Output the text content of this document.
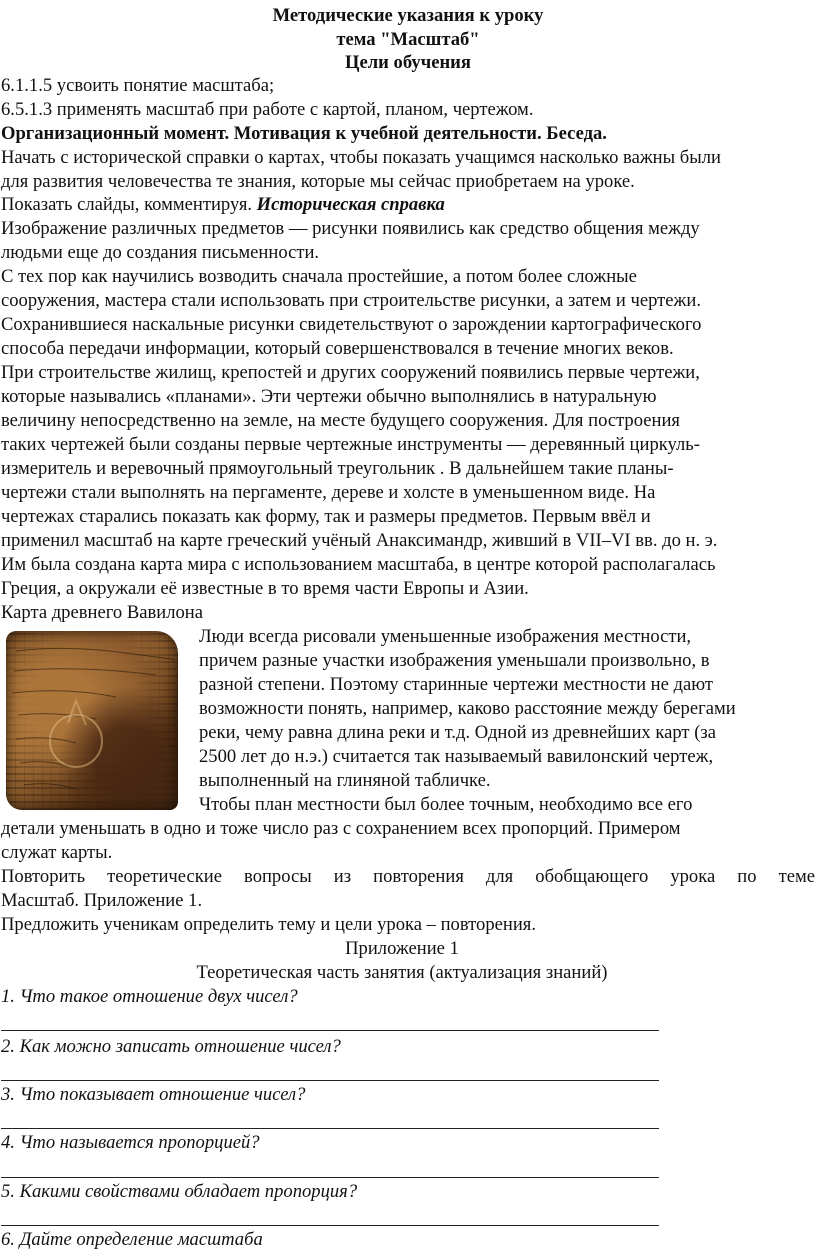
Методические указания к уроку
тема "Масштаб"
Цели обучения
6.1.1.5 усвоить понятие масштаба;
6.5.1.3 применять масштаб при работе с картой, планом, чертежом.
Организационный момент. Мотивация к учебной деятельности. Беседа.
Начать с исторической справки о картах, чтобы показать учащимся насколько важны были
для развития человечества те знания, которые мы сейчас приобретаем на уроке.
Показать слайды, комментируя. Историческая справка
Изображение различных предметов — рисунки появились как средство общения между
людьми еще до создания письменности.
С тех пор как научились возводить сначала простейшие, а потом более сложные
сооружения, мастера стали использовать при строительстве рисунки, а затем и чертежи.
Сохранившиеся наскальные рисунки свидетельствуют о зарождении картографического
способа передачи информации, который совершенствовался в течение многих веков.
При строительстве жилищ, крепостей и других сооружений появились первые чертежи,
которые назывались «планами». Эти чертежи обычно выполнялись в натуральную
величину непосредственно на земле, на месте будущего сооружения. Для построения
таких чертежей были созданы первые чертежные инструменты — деревянный циркуль-
измеритель и веревочный прямоугольный треугольник . В дальнейшем такие планы-
чертежи стали выполнять на пергаменте, дереве и холсте в уменьшенном виде. На
чертежах старались показать как форму, так и размеры предметов. Первым ввёл и
применил масштаб на карте греческий учёный Анаксимандр, живший в VII–VI вв. до н. э.
Им была создана карта мира с использованием масштаба, в центре которой располагалась
Греция, а окружали её известные в то время части Европы и Азии.
Карта древнего Вавилона
Люди всегда рисовали уменьшенные изображения местности,
причем разные участки изображения уменьшали произвольно, в
разной степени. Поэтому старинные чертежи местности не дают
возможности понять, например, каково расстояние между берегами
реки, чему равна длина реки и т.д. Одной из древнейших карт (за
2500 лет до н.э.) считается так называемый вавилонский чертеж,
выполненный на глиняной табличке.
Чтобы план местности был более точным, необходимо все его
детали уменьшать в одно и тоже число раз с сохранением всех пропорций. Примером
служат карты.
Повторить теоретические вопросы из повторения для обобщающего урока по теме
Масштаб. Приложение 1.
Предложить ученикам определить тему и цели урока – повторения.
Приложение 1
Теоретическая часть занятия (актуализация знаний)
1. Что такое отношение двух чисел?
2. Как можно записать отношение чисел?
3. Что показывает отношение чисел?
4. Что называется пропорцией?
5. Какими свойствами обладает пропорция?
6. Дайте определение масштаба
